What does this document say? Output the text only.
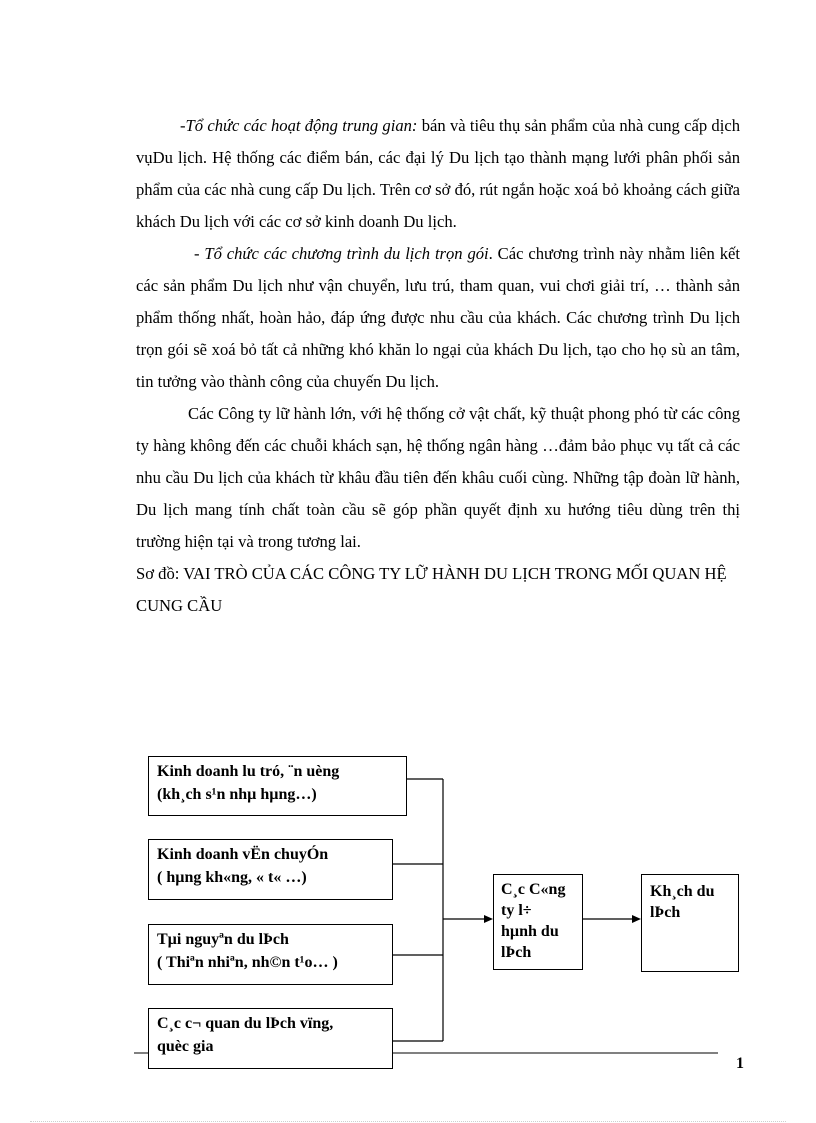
-Tổ chức các hoạt động trung gian: bán và tiêu thụ sản phẩm của nhà cung cấp dịch vụDu lịch. Hệ thống các điểm bán, các đại lý Du lịch tạo thành mạng lưới phân phối sản phẩm của các nhà cung cấp Du lịch. Trên cơ sở đó, rút ngắn hoặc xoá bỏ khoảng cách giữa khách Du lịch với các cơ sở kinh doanh Du lịch.

- Tổ chức các chương trình du lịch trọn gói. Các chương trình này nhằm liên kết các sản phẩm Du lịch như vận chuyển, lưu trú, tham quan, vui chơi giải trí, … thành sản phẩm thống nhất, hoàn hảo, đáp ứng được nhu cầu của khách. Các chương trình Du lịch trọn gói sẽ xoá bỏ tất cả những khó khăn lo ngại của khách Du lịch, tạo cho họ sù an tâm, tin tưởng vào thành công của chuyến Du lịch.

Các Công ty lữ hành lớn, với hệ thống cở vật chất, kỹ thuật phong phó từ các công ty hàng không đến các chuỗi khách sạn, hệ thống ngân hàng …đảm bảo phục vụ tất cả các nhu cầu Du lịch của khách từ khâu đầu tiên đến khâu cuối cùng. Những tập đoàn lữ hành, Du lịch mang tính chất toàn cầu sẽ góp phần quyết định xu hướng tiêu dùng trên thị trường hiện tại và trong tương lai.

Sơ đồ: VAI TRÒ CỦA CÁC CÔNG TY LỮ HÀNH DU LỊCH TRONG MỐI QUAN HỆ CUNG CẦU

Kinh doanh lu tró, ¨n uèng
(kh¸ch s¹n nhµ hµng…)
Kinh doanh vËn chuyÓn
( hµng kh«ng, « t« …)
Tµi nguyªn du lÞch
( Thiªn nhiªn, nh©n t¹o… )
C¸c c¬ quan du lÞch vïng,
quèc gia
C¸c C«ng
ty l÷
hµnh du
lÞch
Kh¸ch du
lÞch
1
